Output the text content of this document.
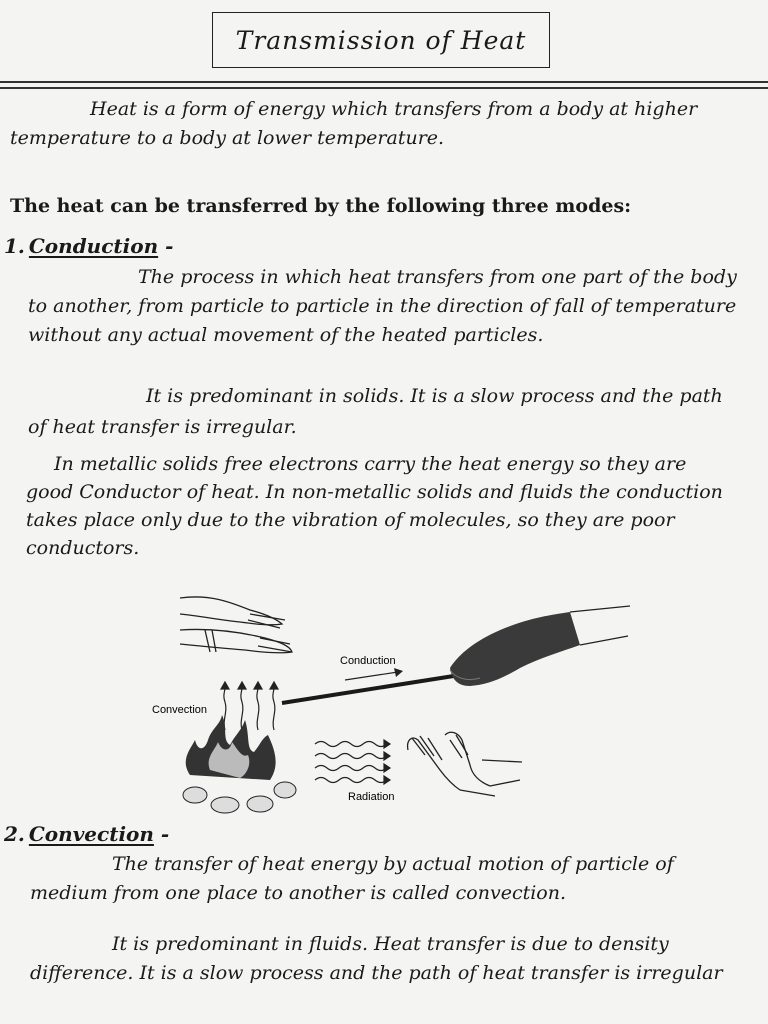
Transmission of Heat

Heat is a form of energy which transfers from a body at higher temperature to a body at lower temperature.

The heat can be transferred by the following three modes:

1. Conduction -

The process in which heat transfers from one part of the body to another, from particle to particle in the direction of fall of temperature without any actual movement of the heated particles.

It is predominant in solids. It is a slow process and the path of heat transfer is irregular.

In metallic solids free electrons carry the heat energy so they are good Conductor of heat. In non-metallic solids and fluids the conduction takes place only due to the vibration of molecules, so they are poor conductors.

Convection
Conduction
Radiation
2. Convection -

The transfer of heat energy by actual motion of particle of medium from one place to another is called convection.

It is predominant in fluids. Heat transfer is due to density difference. It is a slow process and the path of heat transfer is irregular
